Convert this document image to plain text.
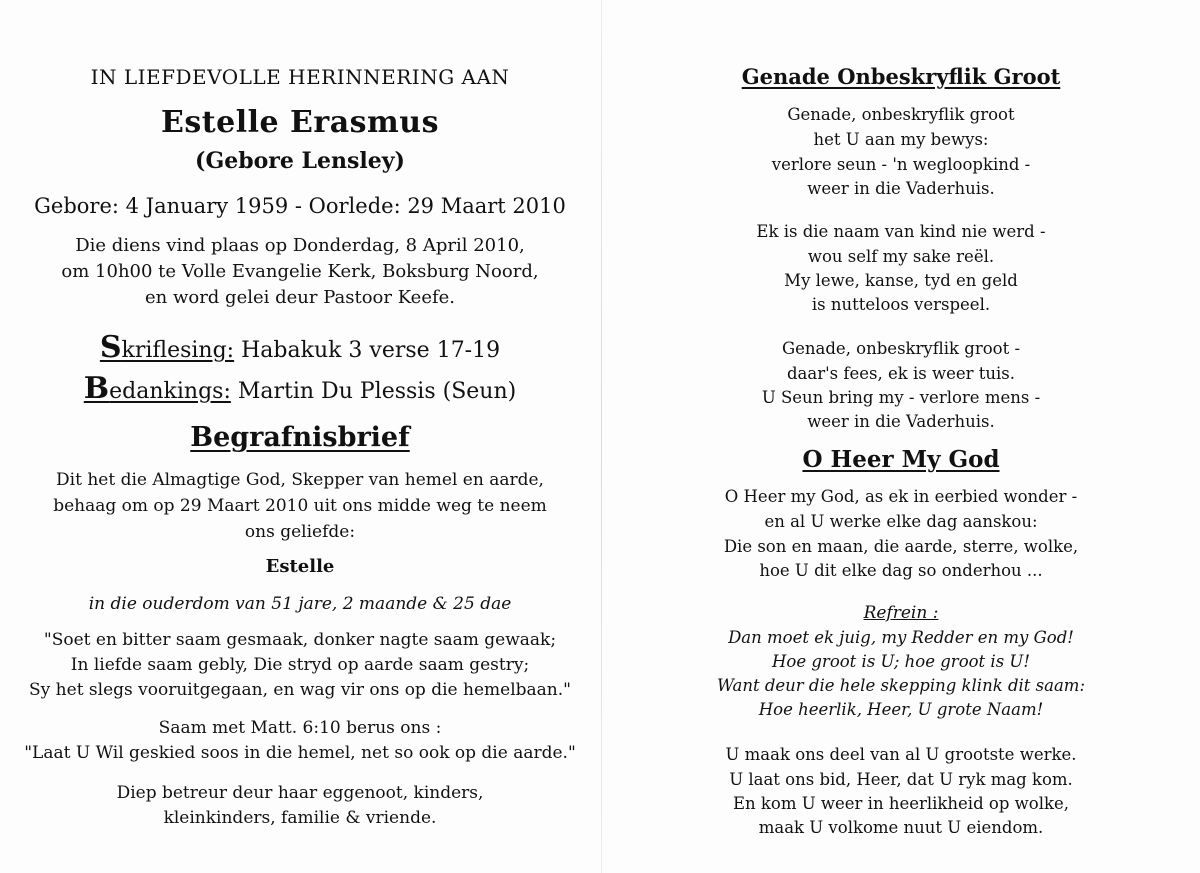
IN LIEFDEVOLLE HERINNERING AAN
Estelle Erasmus
(Gebore Lensley)
Gebore: 4 January 1959 - Oorlede: 29 Maart 2010
Die diens vind plaas op Donderdag, 8 April 2010,
om 10h00 te Volle Evangelie Kerk, Boksburg Noord,
en word gelei deur Pastoor Keefe.
Skriflesing: Habakuk 3 verse 17-19
Bedankings: Martin Du Plessis (Seun)
Begrafnisbrief
Dit het die Almagtige God, Skepper van hemel en aarde,
behaag om op 29 Maart 2010 uit ons midde weg te neem
ons geliefde:
Estelle
in die ouderdom van 51 jare, 2 maande & 25 dae
"Soet en bitter saam gesmaak, donker nagte saam gewaak;
In liefde saam gebly, Die stryd op aarde saam gestry;
Sy het slegs vooruitgegaan, en wag vir ons op die hemelbaan."
Saam met Matt. 6:10 berus ons :
"Laat U Wil geskied soos in die hemel, net so ook op die aarde."
Diep betreur deur haar eggenoot, kinders,
kleinkinders, familie & vriende.
Genade Onbeskryflik Groot
Genade, onbeskryflik groot
het U aan my bewys:
verlore seun - 'n wegloopkind -
weer in die Vaderhuis.
Ek is die naam van kind nie werd -
wou self my sake reël.
My lewe, kanse, tyd en geld
is nutteloos verspeel.
Genade, onbeskryflik groot -
daar's fees, ek is weer tuis.
U Seun bring my - verlore mens -
weer in die Vaderhuis.
O Heer My God
O Heer my God, as ek in eerbied wonder -
en al U werke elke dag aanskou:
Die son en maan, die aarde, sterre, wolke,
hoe U dit elke dag so onderhou ...
Refrein :
Dan moet ek juig, my Redder en my God!
Hoe groot is U; hoe groot is U!
Want deur die hele skepping klink dit saam:
Hoe heerlik, Heer, U grote Naam!
U maak ons deel van al U grootste werke.
U laat ons bid, Heer, dat U ryk mag kom.
En kom U weer in heerlikheid op wolke,
maak U volkome nuut U eiendom.
